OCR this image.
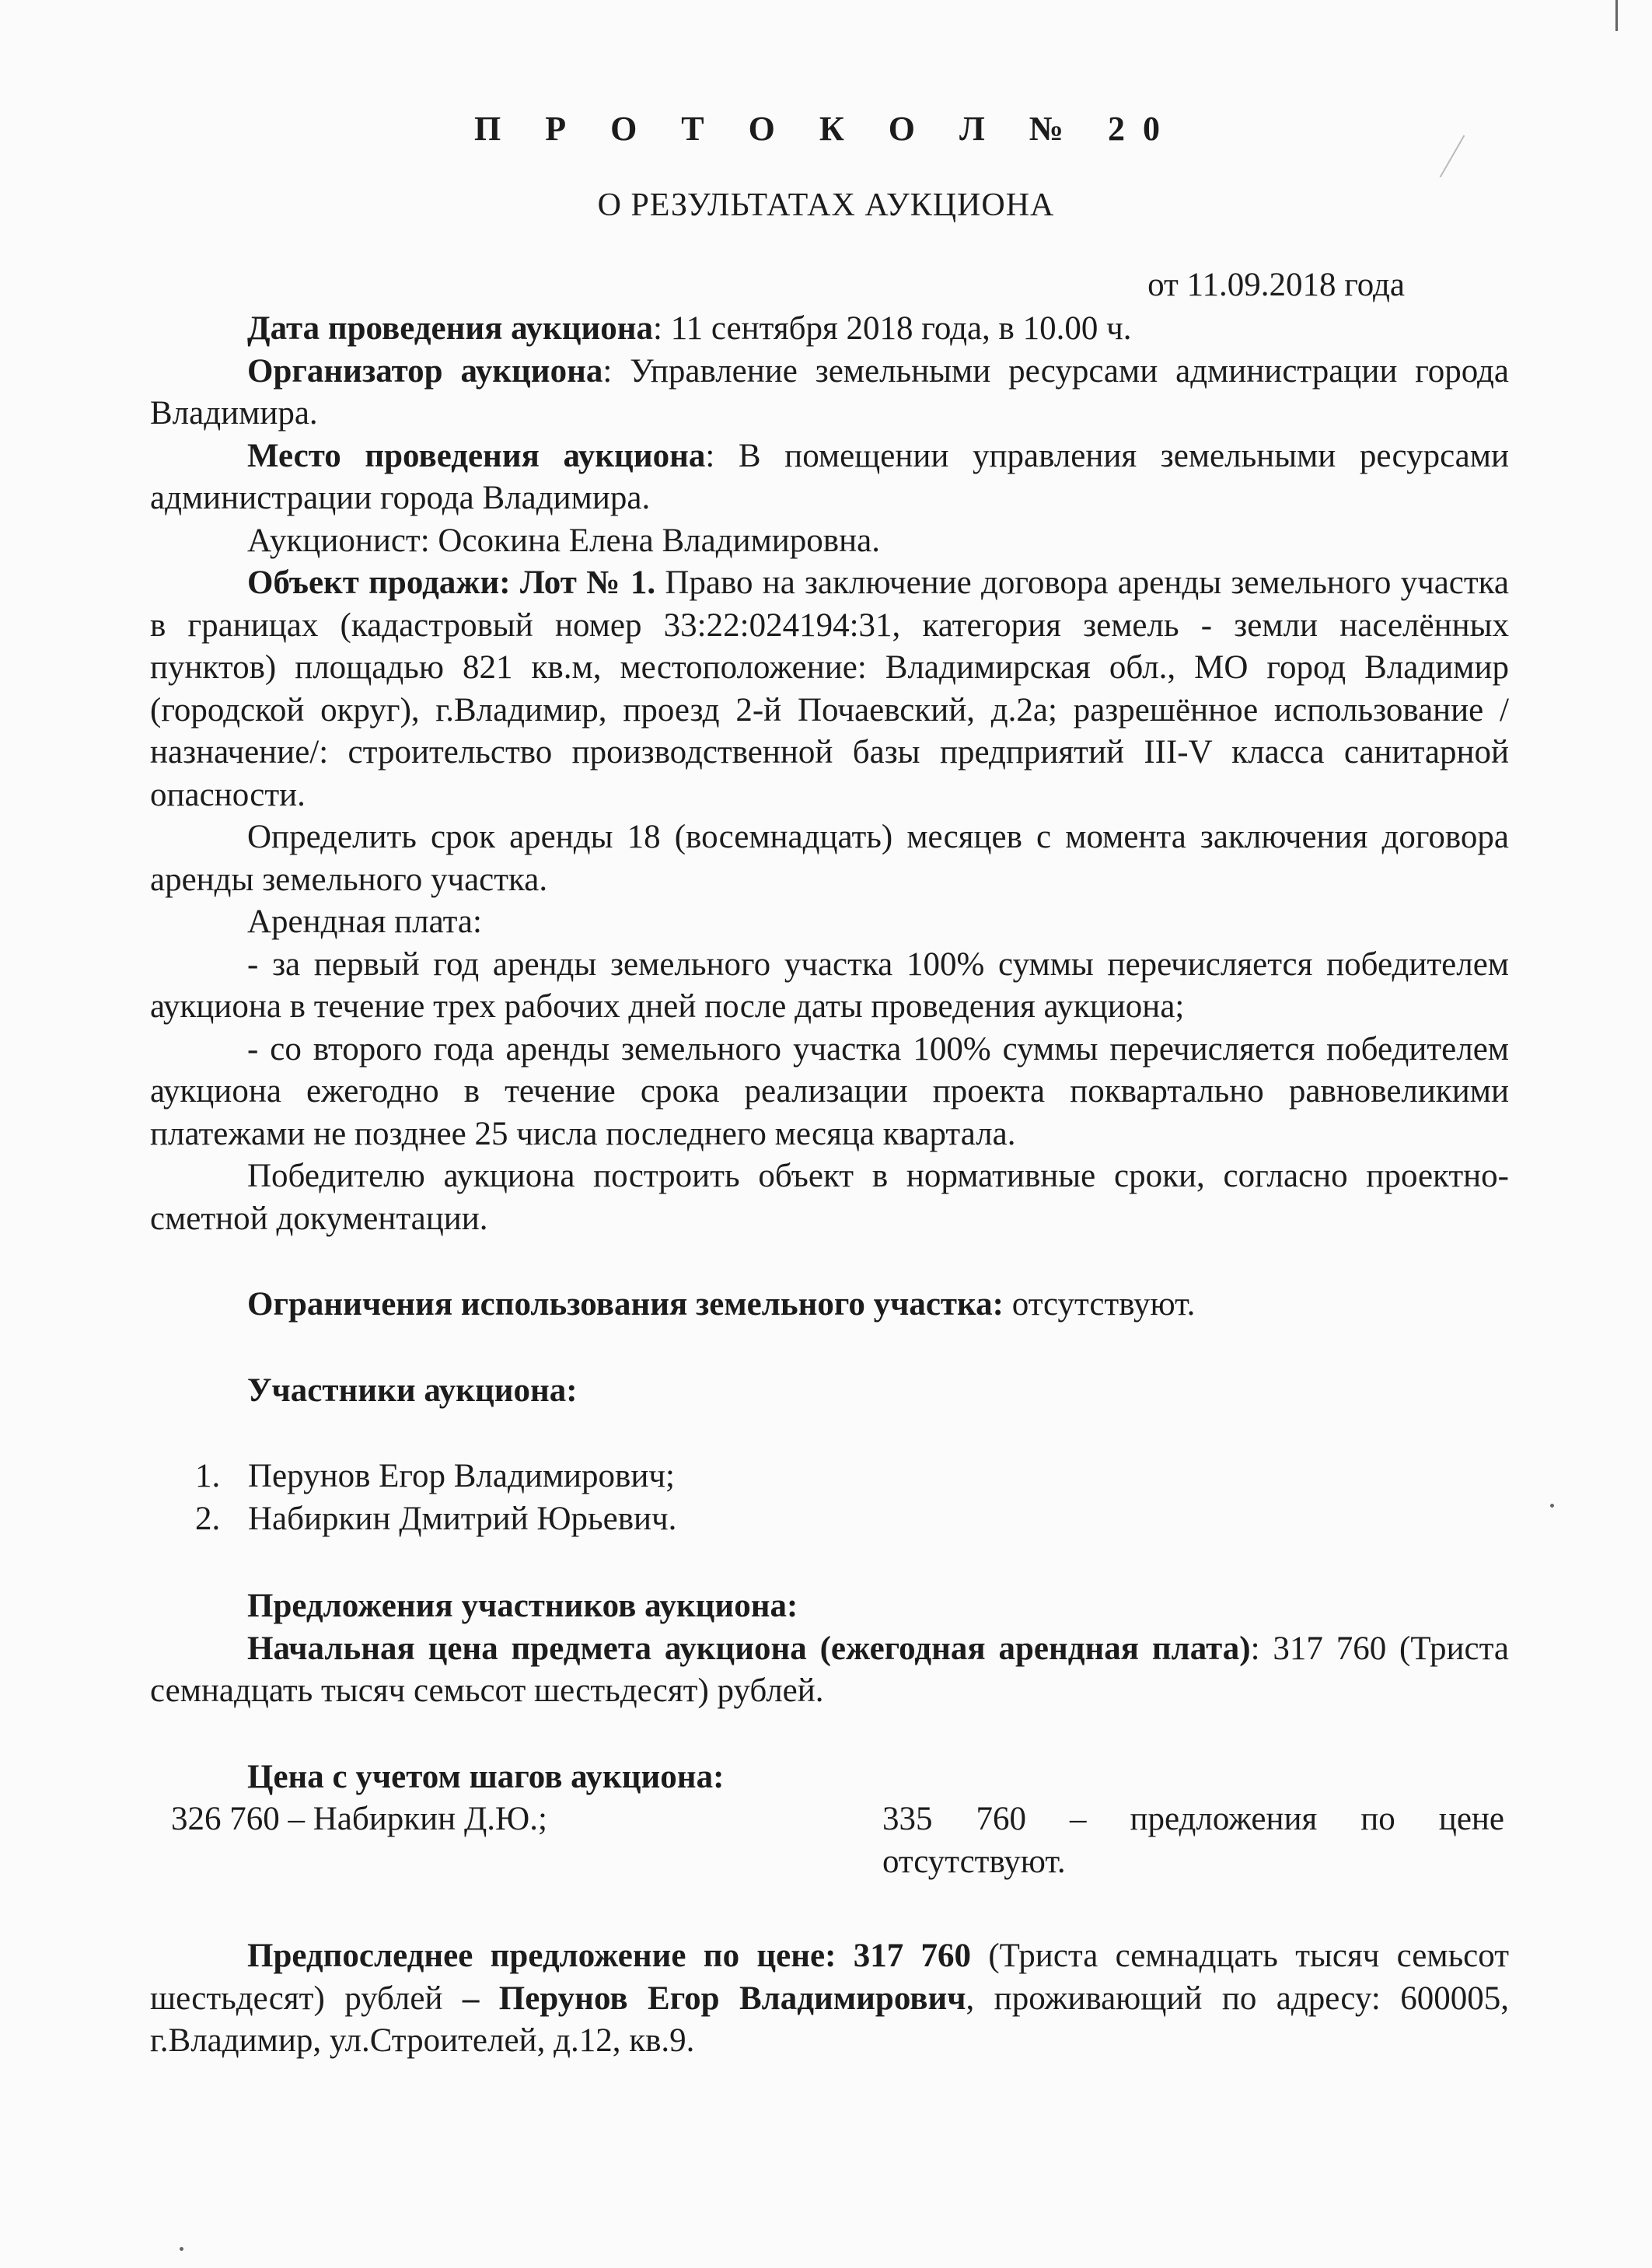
П Р О Т О К О Л № 20
О РЕЗУЛЬТАТАХ АУКЦИОНА
от 11.09.2018 года

Дата проведения аукциона: 11 сентября 2018 года, в 10.00 ч.

Организатор аукциона: Управление земельными ресурсами администрации города Владимира.

Место проведения аукциона: В помещении управления земельными ресурсами администрации города Владимира.

Аукционист: Осокина Елена Владимировна.

Объект продажи: Лот № 1. Право на заключение договора аренды земельного участка в границах (кадастровый номер 33:22:024194:31, категория земель - земли населённых пунктов) площадью 821 кв.м, местоположение: Владимирская обл., МО город Владимир (городской округ), г.Владимир, проезд 2-й Почаевский, д.2а; разрешённое использование /назначение/: строительство производственной базы предприятий III-V класса санитарной опасности.

Определить срок аренды 18 (восемнадцать) месяцев с момента заключения договора аренды земельного участка.

Арендная плата:

- за первый год аренды земельного участка 100% суммы перечисляется победителем аукциона в течение трех рабочих дней после даты проведения аукциона;

- со второго года аренды земельного участка 100% суммы перечисляется победителем аукциона ежегодно в течение срока реализации проекта поквартально равновеликими платежами не позднее 25 числа последнего месяца квартала.

Победителю аукциона построить объект в нормативные сроки, согласно проектно-сметной документации.

Ограничения использования земельного участка: отсутствуют.

Участники аукциона:

1. Перунов Егор Владимирович;
2. Набиркин Дмитрий Юрьевич.

Предложения участников аукциона:

Начальная цена предмета аукциона (ежегодная арендная плата): 317 760 (Триста семнадцать тысяч семьсот шестьдесят) рублей.

Цена с учетом шагов аукциона:

326 760 – Набиркин Д.Ю.;	335 760 – предложения по цене отсутствуют.

Предпоследнее предложение по цене: 317 760 (Триста семнадцать тысяч семьсот шестьдесят) рублей – Перунов Егор Владимирович, проживающий по адресу: 600005, г.Владимир, ул.Строителей, д.12, кв.9.
